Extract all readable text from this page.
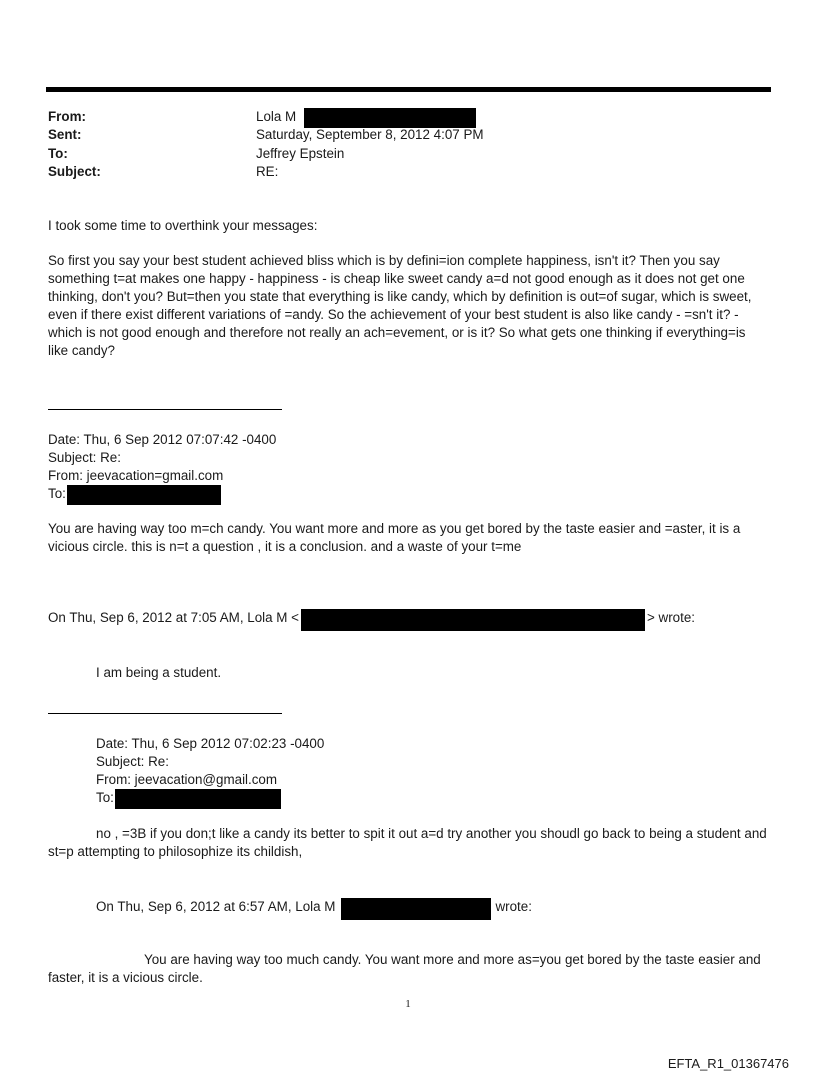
From:	Lola M
Sent:	Saturday, September 8, 2012 4:07 PM
To:	Jeffrey Epstein
Subject:	RE:
I took some time to overthink your messages:
So first you say your best student achieved bliss which is by defini=ion complete happiness, isn't it? Then you say something t=at makes one happy - happiness - is cheap like sweet candy a=d not good enough as it does not get one thinking, don't you? But=then you state that everything is like candy, which by definition is out=of sugar, which is sweet, even if there exist different variations of =andy. So the achievement of your best student is also like candy - =sn't it? - which is not good enough and therefore not really an ach=evement, or is it? So what gets one thinking if everything=is like candy?
Date: Thu, 6 Sep 2012 07:07:42 -0400
Subject: Re:
From: jeevacation=gmail.com
To:
You are having way too m=ch candy. You want more and more as you get bored by the taste easier and =aster, it is a vicious circle. this is n=t a question , it is a conclusion. and a waste of your t=me
On Thu, Sep 6, 2012 at 7:05 AM, Lola M <	> wrote:
I am being a student.
Date: Thu, 6 Sep 2012 07:02:23 -0400
Subject: Re:
From: jeevacation@gmail.com
To:
no , =3B if you don;t like a candy its better to spit it out a=d try another you shoudl go back to being a student and st=p attempting to philosophize its childish,
On Thu, Sep 6, 2012 at 6:57 AM, Lola M	wrote:
You are having way too much candy. You want more and more as=you get bored by the taste easier and faster, it is a vicious circle.
1
EFTA_R1_01367476
